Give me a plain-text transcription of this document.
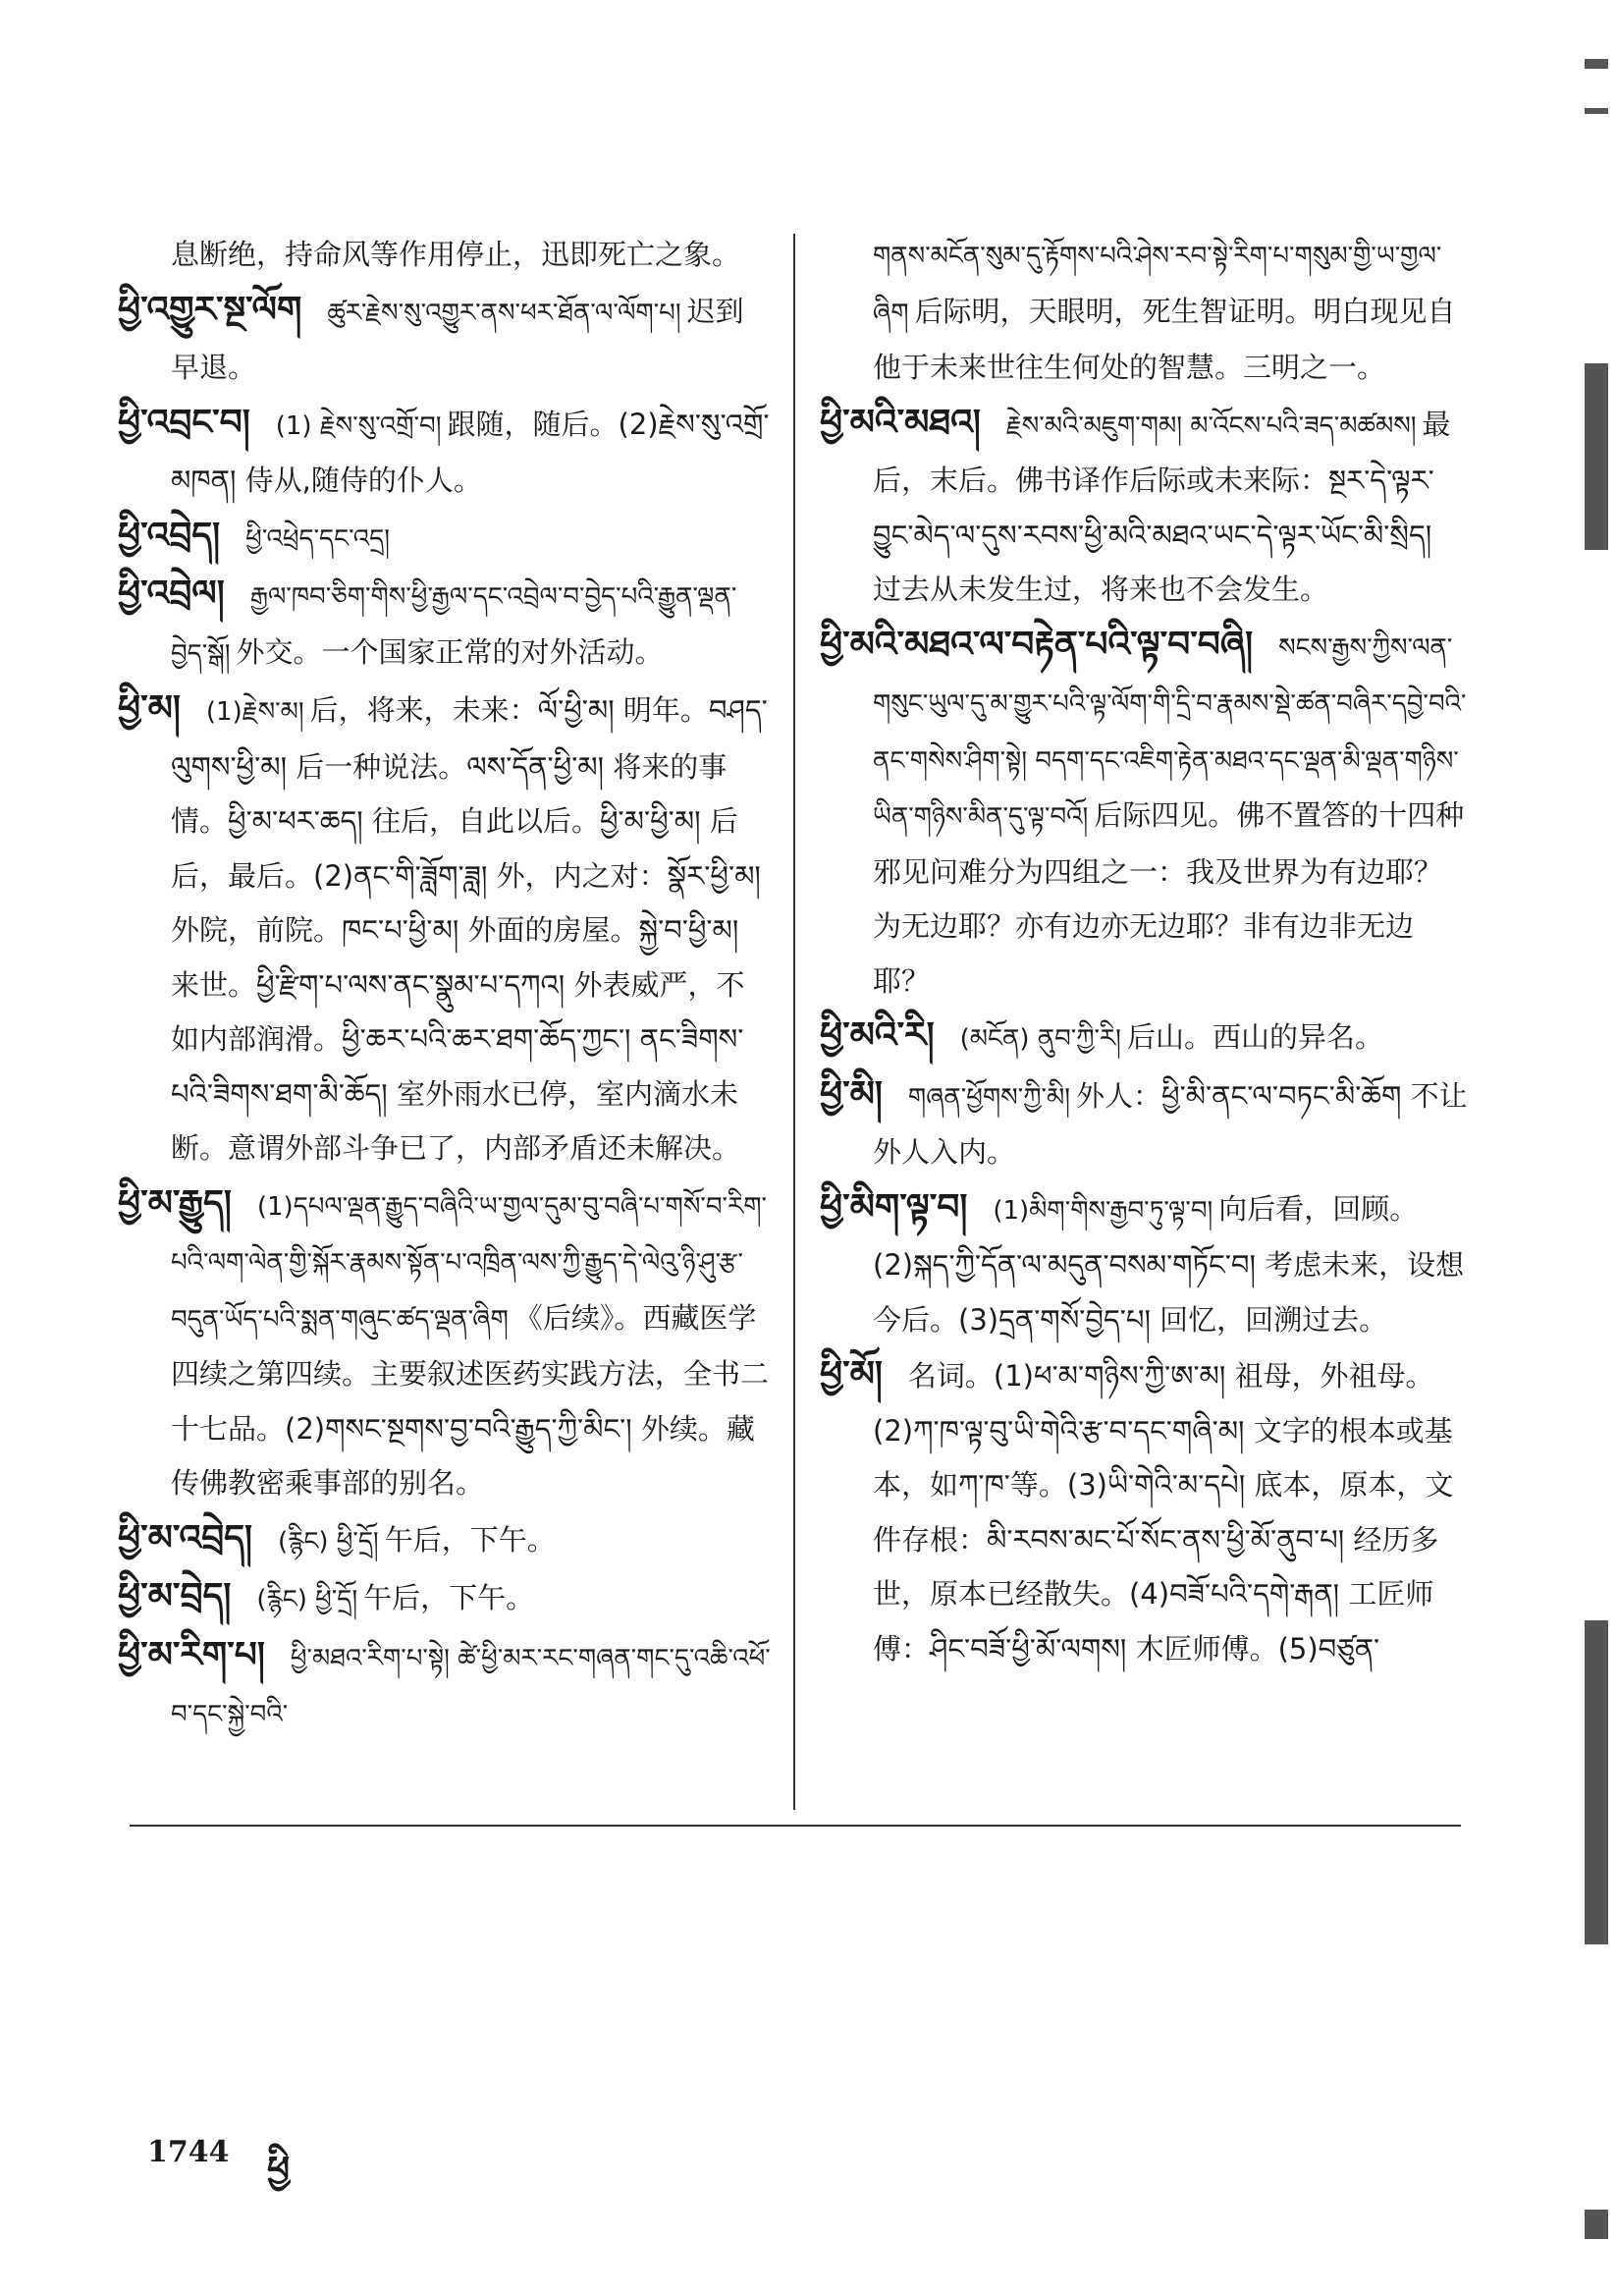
息断绝，持命风等作用停止，迅即死亡之象。

ཕྱི་འགྱུར་སྔ་ལོག ཚུར་རྗེས་སུ་འགྱུར་ནས་ཕར་ཐོན་ལ་ལོག་པ། 迟到早退。

ཕྱི་འབྲང་བ། (1) རྗེས་སུ་འགྲོ་བ། 跟随，随后。(2)རྗེས་སུ་འགྲོ་མཁན། 侍从,随侍的仆人。

ཕྱི་འབྲེད། ཕྱི་འཕྲེད་དང་འདྲ།

ཕྱི་འབྲེལ། རྒྱལ་ཁབ་ཅིག་གིས་ཕྱི་རྒྱལ་དང་འབྲེལ་བ་བྱེད་པའི་རྒྱུན་ལྡན་བྱེད་སྒོ། 外交。一个国家正常的对外活动。

ཕྱི་མ། (1)རྗེས་མ། 后，将来，未来：ལོ་ཕྱི་མ། 明年。བཤད་ལུགས་ཕྱི་མ། 后一种说法。ལས་དོན་ཕྱི་མ། 将来的事情。ཕྱི་མ་ཕར་ཆད། 往后，自此以后。ཕྱི་མ་ཕྱི་མ། 后后，最后。(2)ནང་གི་ཟློག་ཟླ། 外，内之对：སྣོར་ཕྱི་མ། 外院，前院。ཁང་པ་ཕྱི་མ། 外面的房屋。སྐྱེ་བ་ཕྱི་མ། 来世。ཕྱི་རྫིག་པ་ལས་ནང་སྣུམ་པ་དཀའ། 外表威严，不如内部润滑。ཕྱི་ཆར་པའི་ཆར་ཐག་ཆོད་ཀྱང་། ནང་ཟིགས་པའི་ཟིགས་ཐག་མི་ཆོད། 室外雨水已停，室内滴水未断。意谓外部斗争已了，内部矛盾还未解决。

ཕྱི་མ་རྒྱུད། (1)དཔལ་ལྡན་རྒྱུད་བཞིའི་ཡ་གྱལ་དུམ་བུ་བཞི་པ་གསོ་བ་རིག་པའི་ལག་ལེན་གྱི་སྐོར་རྣམས་སྟོན་པ་འཁྲིན་ལས་ཀྱི་རྒྱུད་དེ་ལེའུ་ཉི་ཤུ་རྩ་བདུན་ཡོད་པའི་སྨན་གཞུང་ཚད་ལྡན་ཞིག 《后续》。西藏医学四续之第四续。主要叙述医药实践方法，全书二十七品。(2)གསང་སྔགས་བྱ་བའི་རྒྱུད་ཀྱི་མིང་། 外续。藏传佛教密乘事部的别名。

ཕྱི་མ་འབྲེད། (རྙིང) ཕྱི་དྲོ། 午后，下午。

ཕྱི་མ་བྲེད། (རྙིང) ཕྱི་དྲོ། 午后，下午。

ཕྱི་མ་རིག་པ། ཕྱི་མཐའ་རིག་པ་སྟེ། ཚེ་ཕྱི་མར་རང་གཞན་གང་དུ་འཆི་འཕོ་བ་དང་སྐྱེ་བའི་

གནས་མངོན་སུམ་དུ་རྟོགས་པའི་ཤེས་རབ་སྟེ་རིག་པ་གསུམ་གྱི་ཡ་གྱལ་ཞིག 后际明，天眼明，死生智证明。明白现见自他于未来世往生何处的智慧。三明之一。

ཕྱི་མའི་མཐའ། རྗེས་མའི་མཇུག་གམ། མ་འོངས་པའི་ཟད་མཚམས། 最后，末后。佛书译作后际或未来际：སྔར་དེ་ལྟར་བྱུང་མེད་ལ་དུས་རབས་ཕྱི་མའི་མཐའ་ཡང་དེ་ལྟར་ཡོང་མི་སྲིད། 过去从未发生过，将来也不会发生。

ཕྱི་མའི་མཐའ་ལ་བརྟེན་པའི་ལྟ་བ་བཞི། སངས་རྒྱས་ཀྱིས་ལན་གསུང་ཡུལ་དུ་མ་གྱུར་པའི་ལྟ་ལོག་གི་དྲི་བ་རྣམས་སྡེ་ཚན་བཞིར་དབྱེ་བའི་ནང་གསེས་ཤིག་སྟེ། བདག་དང་འཇིག་རྟེན་མཐའ་དང་ལྡན་མི་ལྡན་གཉིས་ཡིན་གཉིས་མིན་དུ་ལྟ་བའོ། 后际四见。佛不置答的十四种邪见问难分为四组之一：我及世界为有边耶？为无边耶？亦有边亦无边耶？非有边非无边耶？

ཕྱི་མའི་རི། (མངོན) ནུབ་ཀྱི་རི། 后山。西山的异名。

ཕྱི་མི། གཞན་ཕྱོགས་ཀྱི་མི། 外人：ཕྱི་མི་ནང་ལ་བཏང་མི་ཆོག 不让外人入内。

ཕྱི་མིག་ལྟ་བ། (1)མིག་གིས་རྒྱབ་ཏུ་ལྟ་བ། 向后看，回顾。(2)སྐད་ཀྱི་དོན་ལ་མདུན་བསམ་གཏོང་བ། 考虑未来，设想今后。(3)དྲན་གསོ་བྱེད་པ། 回忆，回溯过去。

ཕྱི་མོ། 名词。(1)ཕ་མ་གཉིས་ཀྱི་ཨ་མ། 祖母，外祖母。(2)ཀ་ཁ་ལྟ་བུ་ཡི་གེའི་རྩ་བ་དང་གཞི་མ། 文字的根本或基本，如ཀ་ཁ་等。(3)ཡི་གེའི་མ་དཔེ། 底本，原本，文件存根：མི་རབས་མང་པོ་སོང་ནས་ཕྱི་མོ་ནུབ་པ། 经历多世，原本已经散失。(4)བཟོ་པའི་དགེ་རྒན། 工匠师傅：ཤིང་བཟོ་ཕྱི་མོ་ལགས། 木匠师傅。(5)བཙུན་

1744 ཕྱི
